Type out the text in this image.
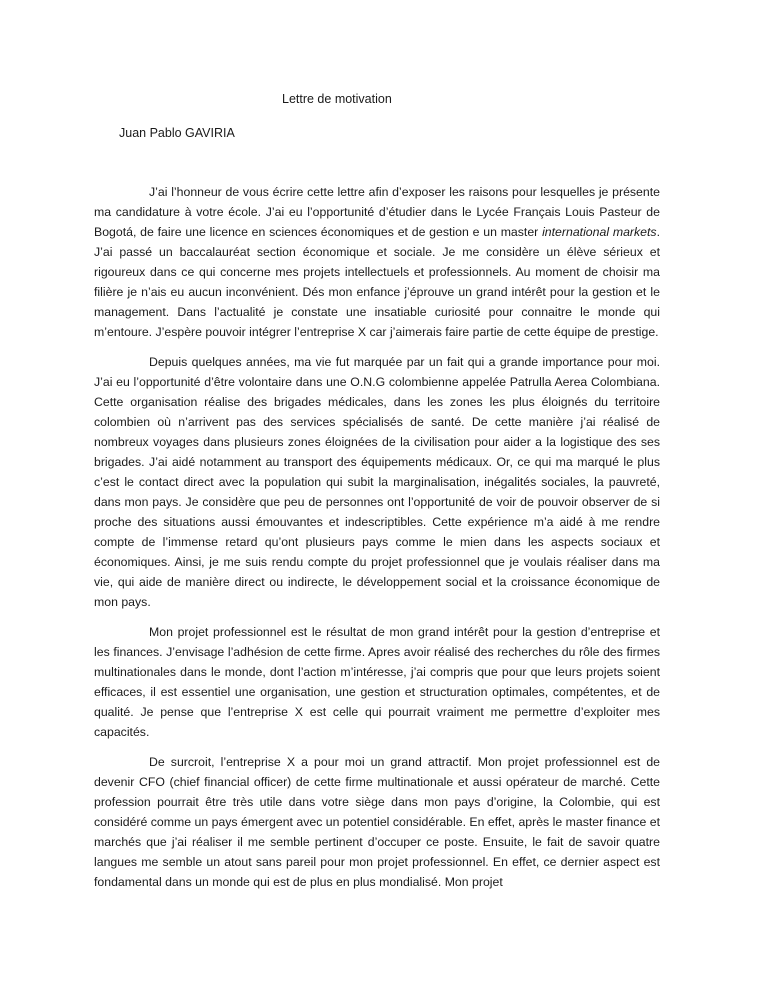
Lettre de motivation
Juan Pablo GAVIRIA

J’ai l’honneur de vous écrire cette lettre afin d’exposer les raisons pour lesquelles je présente ma candidature à votre école. J’ai eu l’opportunité d’étudier dans le Lycée Français Louis Pasteur de Bogotá, de faire une licence en sciences économiques et de gestion e un master international markets. J’ai passé un baccalauréat section économique et sociale. Je me considère un élève sérieux et rigoureux dans ce qui concerne mes projets intellectuels et professionnels. Au moment de choisir ma filière je n’ais eu aucun inconvénient. Dés mon enfance j’éprouve un grand intérêt pour la gestion et le management. Dans l’actualité je constate une insatiable curiosité pour connaitre le monde qui m’entoure. J’espère pouvoir intégrer l’entreprise X car j’aimerais faire partie de cette équipe de prestige.

Depuis quelques années, ma vie fut marquée par un fait qui a grande importance pour moi. J’ai eu l’opportunité d’être volontaire dans une O.N.G colombienne appelée Patrulla Aerea Colombiana. Cette organisation réalise des brigades médicales, dans les zones les plus éloignés du territoire colombien où n’arrivent pas des services spécialisés de santé. De cette manière j’ai réalisé de nombreux voyages dans plusieurs zones éloignées de la civilisation pour aider a la logistique des ses brigades. J’ai aidé notamment au transport des équipements médicaux. Or, ce qui ma marqué le plus c’est le contact direct avec la population qui subit la marginalisation, inégalités sociales, la pauvreté, dans mon pays. Je considère que peu de personnes ont l’opportunité de voir de pouvoir observer de si proche des situations aussi émouvantes et indescriptibles. Cette expérience m’a aidé à me rendre compte de l’immense retard qu’ont plusieurs pays comme le mien dans les aspects sociaux et économiques. Ainsi, je me suis rendu compte du projet professionnel que je voulais réaliser dans ma vie, qui aide de manière direct ou indirecte, le développement social et la croissance économique de mon pays.

Mon projet professionnel est le résultat de mon grand intérêt pour la gestion d’entreprise et les finances. J’envisage l’adhésion de cette firme. Apres avoir réalisé des recherches du rôle des firmes multinationales dans le monde, dont l’action m’intéresse, j’ai compris que pour que leurs projets soient efficaces, il est essentiel une organisation, une gestion et structuration optimales, compétentes, et de qualité. Je pense que l’entreprise X est celle qui pourrait vraiment me permettre d’exploiter mes capacités.

De surcroit, l’entreprise X a pour moi un grand attractif. Mon projet professionnel est de devenir CFO (chief financial officer) de cette firme multinationale et aussi opérateur de marché. Cette profession pourrait être très utile dans votre siège dans mon pays d’origine, la Colombie, qui est considéré comme un pays émergent avec un potentiel considérable. En effet, après le master finance et marchés que j’ai réaliser il me semble pertinent d’occuper ce poste. Ensuite, le fait de savoir quatre langues me semble un atout sans pareil pour mon projet professionnel. En effet, ce dernier aspect est fondamental dans un monde qui est de plus en plus mondialisé. Mon projet
